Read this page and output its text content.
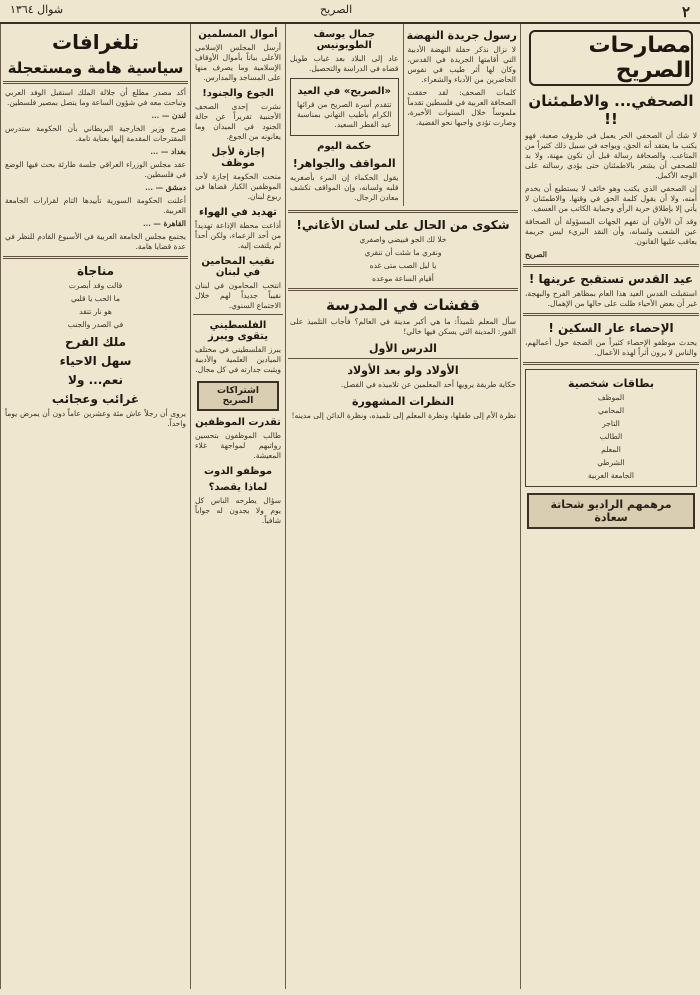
٢
الصريح
شوال ١٣٦٤
مصارحات الصريح
الصحفي... والاطمئنان !!

لا شك أن الصحفي الحر يعمل في ظروف صعبة، فهو يكتب ما يعتقد أنه الحق، ويواجه في سبيل ذلك كثيراً من المتاعب. والصحافة رسالة قبل أن تكون مهنة، ولا بد للصحفي أن يشعر بالاطمئنان حتى يؤدي رسالته على الوجه الأكمل.

إن الصحفي الذي يكتب وهو خائف لا يستطيع أن يخدم أمته، ولا أن يقول كلمة الحق في وقتها. والاطمئنان لا يأتي إلا بإطلاق حرية الرأي وحماية الكاتب من العسف.

وقد آن الأوان أن تفهم الجهات المسؤولة أن الصحافة عين الشعب ولسانه، وأن النقد البريء ليس جريمة يعاقب عليها القانون.

الصريح

عيد القدس تستقبح عرينها !

استقبلت القدس العيد هذا العام بمظاهر الفرح والبهجة، غير أن بعض الأحياء ظلت على حالها من الإهمال.

الإحصاء عار السكين !

يحدث موظفو الإحصاء كثيراً من الضجة حول أعمالهم، والناس لا يرون أثراً لهذه الأعمال.

بطاقات شخصية

الموظف

المحامي

التاجر

الطالب

المعلم

الشرطي

الجامعة العربية

مرهمهم الراديو شحاتة سعادة
رسول جريدة النهضة

لا نزال نذكر حفلة النهضة الأدبية التي أقامتها الجريدة في القدس، وكان لها أثر طيب في نفوس الحاضرين من الأدباء والشعراء.

كلمات الصحف: لقد حققت الصحافة العربية في فلسطين تقدماً ملموساً خلال السنوات الأخيرة، وصارت تؤدي واجبها نحو القضية.

جمال يوسف الطوبونيس

عاد إلى البلاد بعد غياب طويل قضاه في الدراسة والتحصيل.

«الصريح» في العيد

تتقدم أسرة الصريح من قرائها الكرام بأطيب التهاني بمناسبة عيد الفطر السعيد.

حكمة اليوم
المواقف والجواهر!

يقول الحكماء إن المرء بأصغريه قلبه ولسانه، وإن المواقف تكشف معادن الرجال.

شكوى من الحال على لسان الأغاني!

خلا لك الجو فبيضي واصفري

ونقري ما شئت أن تنقري

يا ليل الصب متى غده

أقيام الساعة موعده

قفشات في المدرسة

سأل المعلم تلميذاً: ما هي أكبر مدينة في العالم؟ فأجاب التلميذ على الفور: المدينة التي يسكن فيها خالي!

الدرس الأول
الأولاد ولو بعد الأولاد

حكاية طريفة يرويها أحد المعلمين عن تلاميذه في الفصل.

النظرات المشهورة

نظرة الأم إلى طفلها، ونظرة المعلم إلى تلميذه، ونظرة الدائن إلى مدينه!

أموال المسلمين

أرسل المجلس الإسلامي الأعلى بياناً بأموال الأوقاف الإسلامية وما يصرف منها على المساجد والمدارس.

الجوع والجنود!

نشرت إحدى الصحف الأجنبية تقريراً عن حالة الجنود في الميدان وما يعانونه من الجوع.

إجازة لأجل موظف

منحت الحكومة إجازة لأحد الموظفين الكبار قضاها في ربوع لبنان.

تهديد في الهواء

أذاعت محطة الإذاعة تهديداً من أحد الزعماء، ولكن أحداً لم يلتفت إليه.

نقيب المحامين في لبنان

انتخب المحامون في لبنان نقيباً جديداً لهم خلال الاجتماع السنوي.

الفلسطيني يتقوى ويبرز

يبرز الفلسطيني في مختلف الميادين العلمية والأدبية ويثبت جدارته في كل مجال.

اشتراكات الصريح
تقدرت الموظفين

طالب الموظفون بتحسين رواتبهم لمواجهة غلاء المعيشة.

موظفو الدوت
لماذا يقصد؟

سؤال يطرحه الناس كل يوم ولا يجدون له جواباً شافياً.

تلغرافات
سياسية هامة ومستعجلة

أكد مصدر مطلع أن جلالة الملك استقبل الوفد العربي وتباحث معه في شؤون الساعة وما يتصل بمصير فلسطين.

لندن — ...

صرح وزير الخارجية البريطاني بأن الحكومة ستدرس المقترحات المقدمة إليها بعناية تامة.

بغداد — ...

عقد مجلس الوزراء العراقي جلسة طارئة بحث فيها الوضع في فلسطين.

دمشق — ...

أعلنت الحكومة السورية تأييدها التام لقرارات الجامعة العربية.

القاهرة — ...

يجتمع مجلس الجامعة العربية في الأسبوع القادم للنظر في عدة قضايا هامة.

مناجاة

قالت وقد أبصرت

ما الحب يا قلبي

هو نار تتقد

في الصدر والجنب

ملك الفرح
سهل الاحياء
نعم... ولا
غرائب وعجائب

يروى أن رجلاً عاش مئة وعشرين عاماً دون أن يمرض يوماً واحداً.
